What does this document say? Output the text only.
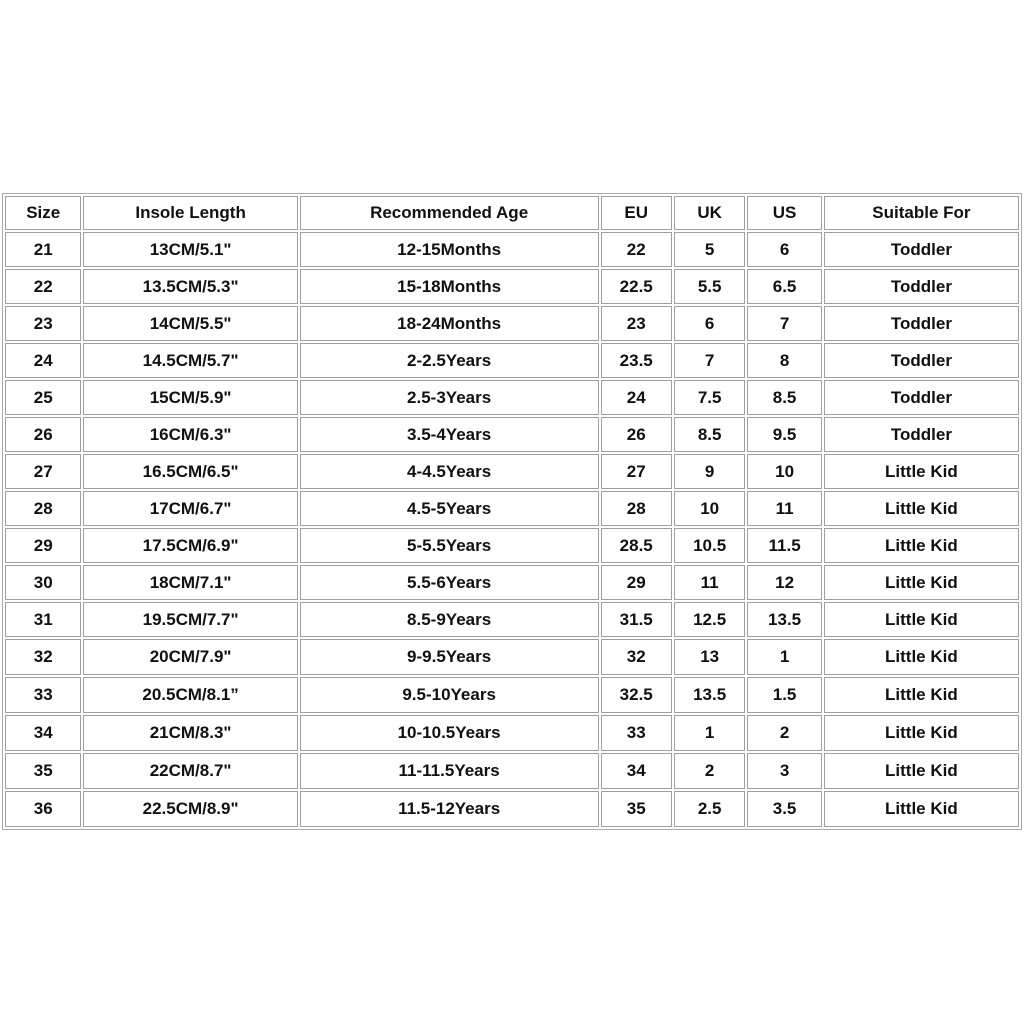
Size	Insole Length	Recommended Age	EU	UK	US	Suitable For
21	13CM/5.1"	12-15Months	22	5	6	Toddler
22	13.5CM/5.3"	15-18Months	22.5	5.5	6.5	Toddler
23	14CM/5.5"	18-24Months	23	6	7	Toddler
24	14.5CM/5.7"	2-2.5Years	23.5	7	8	Toddler
25	15CM/5.9"	2.5-3Years	24	7.5	8.5	Toddler
26	16CM/6.3"	3.5-4Years	26	8.5	9.5	Toddler
27	16.5CM/6.5"	4-4.5Years	27	9	10	Little Kid
28	17CM/6.7"	4.5-5Years	28	10	11	Little Kid
29	17.5CM/6.9"	5-5.5Years	28.5	10.5	11.5	Little Kid
30	18CM/7.1"	5.5-6Years	29	11	12	Little Kid
31	19.5CM/7.7"	8.5-9Years	31.5	12.5	13.5	Little Kid
32	20CM/7.9"	9-9.5Years	32	13	1	Little Kid
33	20.5CM/8.1”	9.5-10Years	32.5	13.5	1.5	Little Kid
34	21CM/8.3"	10-10.5Years	33	1	2	Little Kid
35	22CM/8.7"	11-11.5Years	34	2	3	Little Kid
36	22.5CM/8.9"	11.5-12Years	35	2.5	3.5	Little Kid
